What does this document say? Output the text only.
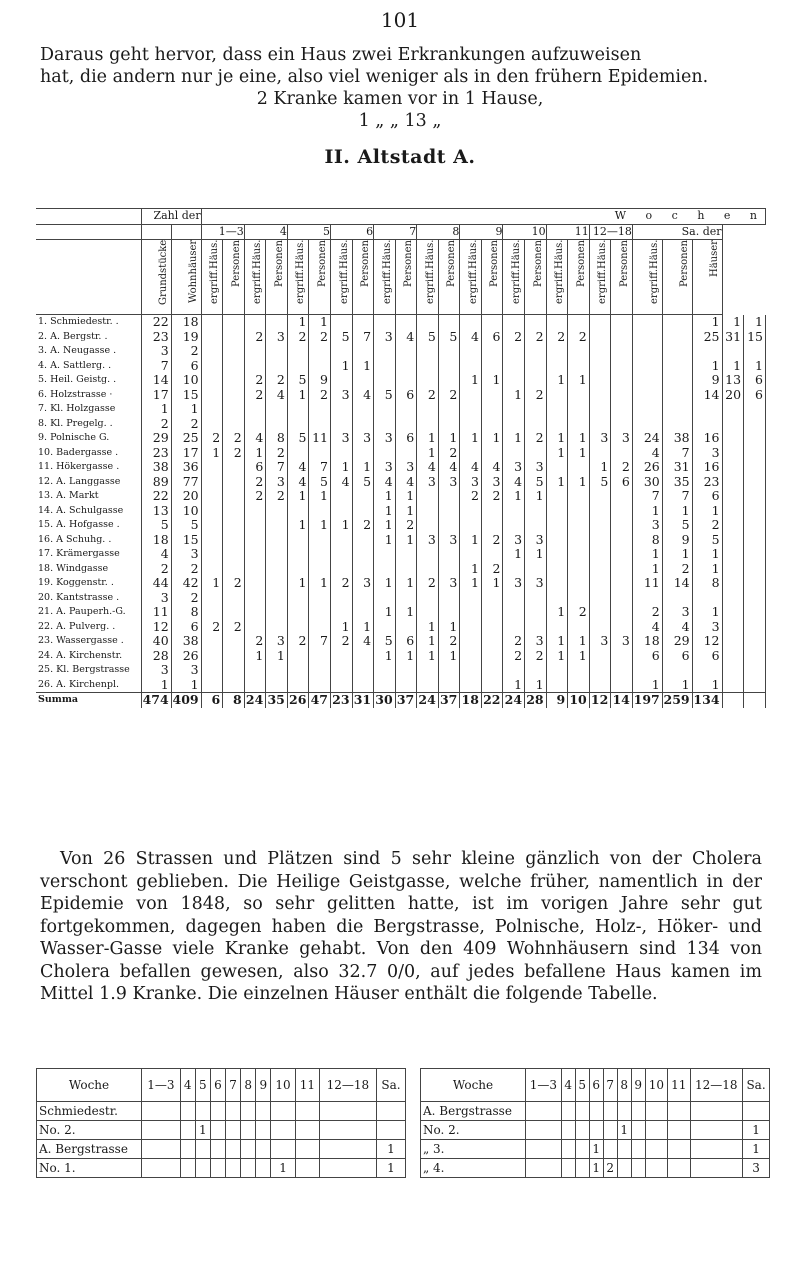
101

Daraus geht hervor, dass ein Haus zwei Erkrankungen aufzuweisen

hat, die andern nur je eine, also viel weniger als in den frühern Epidemien.

2 Kranke kamen vor in 1 Hause,

1 „ „ 13 „

II. Altstadt A.
	Zahl der		W o c h e n																								
			1—3		4		5		6		7		8		9		10		11		12—18		Sa. der				
	Grundstücke	Wohnhäuser	ergriff.Häus.	Personen	ergriff.Häus.	Personen	ergriff.Häus.	Personen	ergriff.Häus.	Personen	ergriff.Häus.	Personen	ergriff.Häus.	Personen	ergriff.Häus.	Personen	ergriff.Häus.	Personen	ergriff.Häus.	Personen	ergriff.Häus.	Personen	ergriff.Häus.	Personen	Häuser		
1. Schmiedestr. .	22	18					1	1																	1	1	1
2. A. Bergstr. .	23	19			2	3	2	2	5	7	3	4	5	5	4	6	2	2	2	2					25	31	15
3. A. Neugasse .	3	2																									
4. A. Sattlerg. .	7	6							1	1															1	1	1
5. Heil. Geistg. .	14	10			2	2	5	9							1	1			1	1					9	13	6
6. Holzstrasse ·	17	15			2	4	1	2	3	4	5	6	2	2			1	2							14	20	6
7. Kl. Holzgasse	1	1																									
8. Kl. Pregelg. .	2	2																									
9. Polnische G.	29	25	2	2	4	8	5	11	3	3	3	6	1	1	1	1	1	2	1	1	3	3	24	38	16		
10. Badergasse .	23	17	1	2	1	2							1	2					1	1			4	7	3		
11. Hökergasse .	38	36			6	7	4	7	1	1	3	3	4	4	4	4	3	3			1	2	26	31	16		
12. A. Langgasse	89	77			2	3	4	5	4	5	4	4	3	3	3	3	4	5	1	1	5	6	30	35	23		
13. A. Markt	22	20			2	2	1	1			1	1			2	2	1	1					7	7	6		
14. A. Schulgasse	13	10									1	1											1	1	1		
15. A. Hofgasse .	5	5					1	1	1	2	1	2											3	5	2		
16. A Schuhg. .	18	15									1	1	3	3	1	2	3	3					8	9	5		
17. Krämergasse	4	3															1	1					1	1	1		
18. Windgasse	2	2													1	2							1	2	1		
19. Koggenstr. .	44	42	1	2			1	1	2	3	1	1	2	3	1	1	3	3					11	14	8		
20. Kantstrasse .	3	2																									
21. A. Pauperh.-G.	11	8									1	1							1	2			2	3	1		
22. A. Pulverg. .	12	6	2	2					1	1			1	1									4	4	3		
23. Wassergasse .	40	38			2	3	2	7	2	4	5	6	1	2			2	3	1	1	3	3	18	29	12		
24. A. Kirchenstr.	28	26			1	1					1	1	1	1			2	2	1	1			6	6	6		
25. Kl. Bergstrasse	3	3																									
26. A. Kirchenpl.	1	1															1	1					1	1	1		
Summa	474	409	6	8	24	35	26	47	23	31	30	37	24	37	18	22	24	28	9	10	12	14	197	259	134		

Von 26 Strassen und Plätzen sind 5 sehr kleine gänzlich von der Cholera verschont geblieben. Die Heilige Geistgasse, welche früher, namentlich in der Epidemie von 1848, so sehr gelitten hatte, ist im vorigen Jahre sehr gut fortgekommen, dagegen haben die Bergstrasse, Polnische, Holz-, Höker- und Wasser-Gasse viele Kranke gehabt. Von den 409 Wohnhäusern sind 134 von Cholera befallen gewesen, also 32.7 0/0, auf jedes befallene Haus kamen im Mittel 1.9 Kranke. Die einzelnen Häuser enthält die folgende Tabelle.

Woche	1—3	4	5	6	7	8	9	10	11	12—18	Sa.
Schmiedestr.											
No. 2.			1								
A. Bergstrasse											1
No. 1.								1			1
Woche	1—3	4	5	6	7	8	9	10	11	12—18	Sa.
A. Bergstrasse											
No. 2.						1					1
„ 3.				1							1
„ 4.				1	2						3
